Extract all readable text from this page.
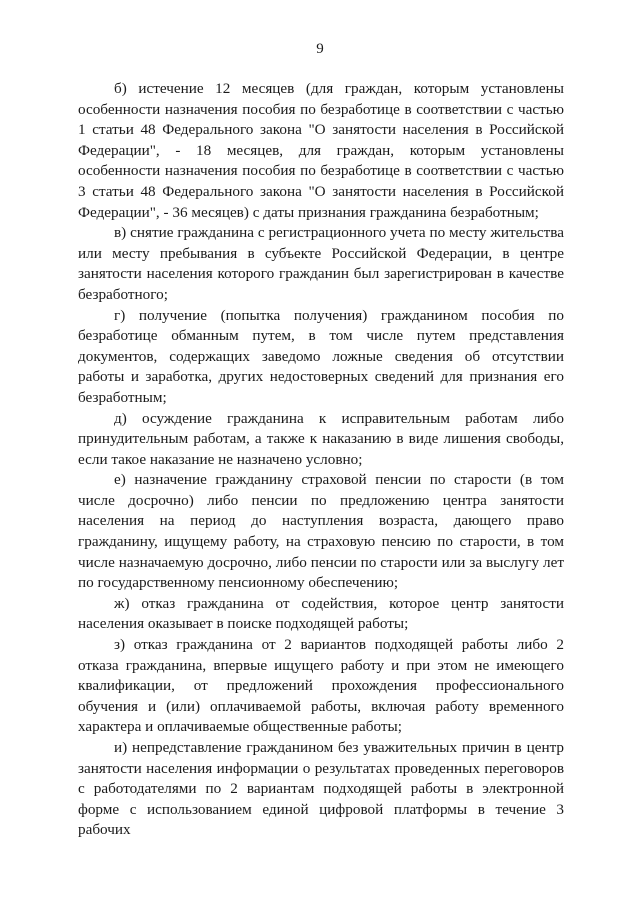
9

б) истечение 12 месяцев (для граждан, которым установлены особенности назначения пособия по безработице в соответствии с частью 1 статьи 48 Федерального закона "О занятости населения в Российской Федерации", - 18 месяцев, для граждан, которым установлены особенности назначения пособия по безработице в соответствии с частью 3 статьи 48 Федерального закона "О занятости населения в Российской Федерации", - 36 месяцев) с даты признания гражданина безработным;

в) снятие гражданина с регистрационного учета по месту жительства или месту пребывания в субъекте Российской Федерации, в центре занятости населения которого гражданин был зарегистрирован в качестве безработного;

г) получение (попытка получения) гражданином пособия по безработице обманным путем, в том числе путем представления документов, содержащих заведомо ложные сведения об отсутствии работы и заработка, других недостоверных сведений для признания его безработным;

д) осуждение гражданина к исправительным работам либо принудительным работам, а также к наказанию в виде лишения свободы, если такое наказание не назначено условно;

е) назначение гражданину страховой пенсии по старости (в том числе досрочно) либо пенсии по предложению центра занятости населения на период до наступления возраста, дающего право гражданину, ищущему работу, на страховую пенсию по старости, в том числе назначаемую досрочно, либо пенсии по старости или за выслугу лет по государственному пенсионному обеспечению;

ж) отказ гражданина от содействия, которое центр занятости населения оказывает в поиске подходящей работы;

з) отказ гражданина от 2 вариантов подходящей работы либо 2 отказа гражданина, впервые ищущего работу и при этом не имеющего квалификации, от предложений прохождения профессионального обучения и (или) оплачиваемой работы, включая работу временного характера и оплачиваемые общественные работы;

и) непредставление гражданином без уважительных причин в центр занятости населения информации о результатах проведенных переговоров с работодателями по 2 вариантам подходящей работы в электронной форме с использованием единой цифровой платформы в течение 3 рабочих
